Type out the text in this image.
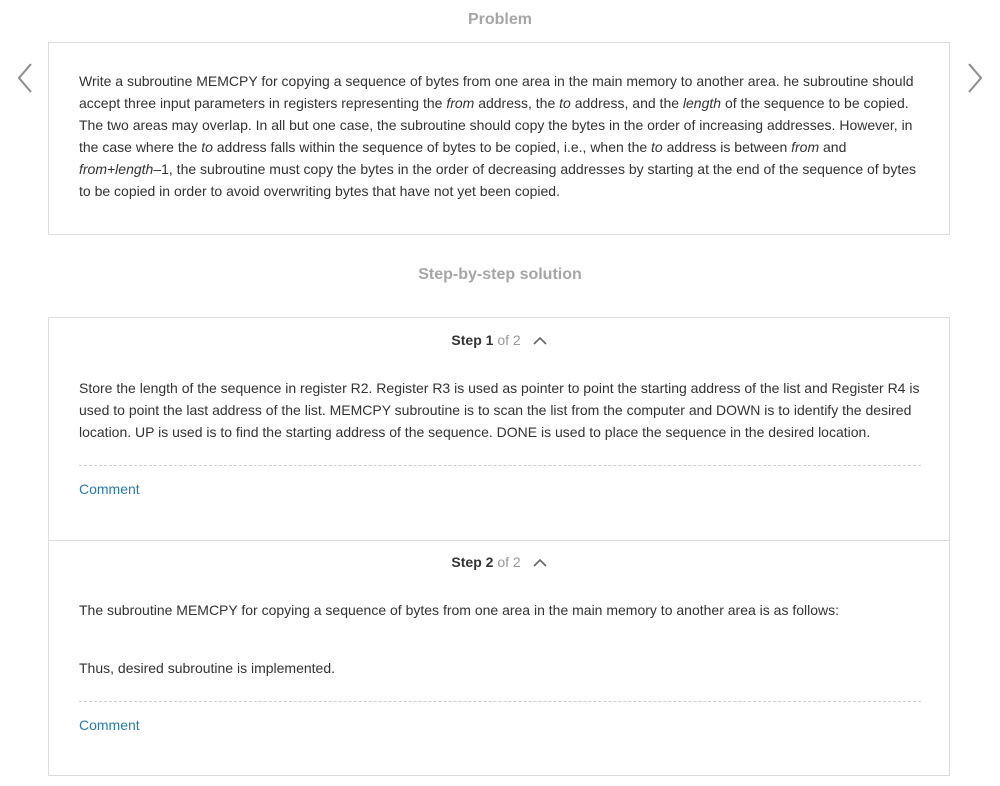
Problem

Write a subroutine MEMCPY for copying a sequence of bytes from one area in the main memory to another area. he subroutine should accept three input parameters in registers representing the from address, the to address, and the length of the sequence to be copied. The two areas may overlap. In all but one case, the subroutine should copy the bytes in the order of increasing addresses. However, in the case where the to address falls within the sequence of bytes to be copied, i.e., when the to address is between from and from+length–1, the subroutine must copy the bytes in the order of decreasing addresses by starting at the end of the sequence of bytes to be copied in order to avoid overwriting bytes that have not yet been copied.

Step-by-step solution
Step 1 of 2

Store the length of the sequence in register R2. Register R3 is used as pointer to point the starting address of the list and Register R4 is used to point the last address of the list. MEMCPY subroutine is to scan the list from the computer and DOWN is to identify the desired location. UP is used is to find the starting address of the sequence. DONE is used to place the sequence in the desired location.

Comment
Step 2 of 2

The subroutine MEMCPY for copying a sequence of bytes from one area in the main memory to another area is as follows:

Thus, desired subroutine is implemented.

Comment
